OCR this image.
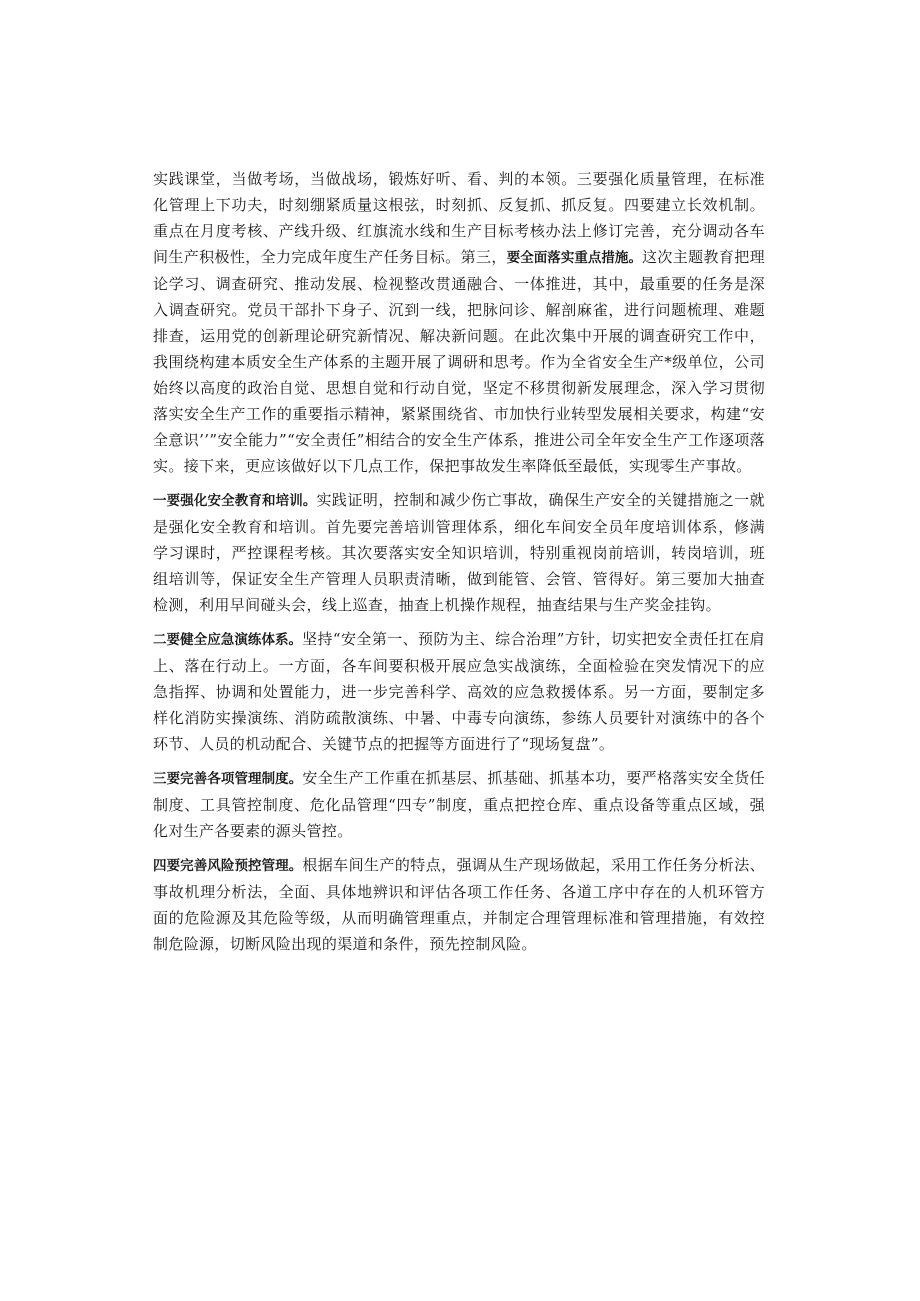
实践课堂，当做考场，当做战场，锻炼好听、看、判的本领。三要强化质量管理，在标准化管理上下功夫，时刻绷紧质量这根弦，时刻抓、反复抓、抓反复。四要建立长效机制。重点在月度考核、产线升级、红旗流水线和生产目标考核办法上修订完善，充分调动各车间生产积极性，全力完成年度生产任务目标。第三，要全面落实重点措施。这次主题教育把理论学习、调查研究、推动发展、检视整改贯通融合、一体推进，其中，最重要的任务是深入调查研究。党员干部扑下身子、沉到一线，把脉问诊、解剖麻雀，进行问题梳理、难题排查，运用党的创新理论研究新情况、解决新问题。在此次集中开展的调查研究工作中，我围绕构建本质安全生产体系的主题开展了调研和思考。作为全省安全生产*级单位，公司始终以高度的政治自觉、思想自觉和行动自觉，坚定不移贯彻新发展理念，深入学习贯彻落实安全生产工作的重要指示精神，紧紧围绕省、市加快行业转型发展相关要求，构建“安全意识’’”安全能力”“安全责任”相结合的安全生产体系，推进公司全年安全生产工作逐项落实。接下来，更应该做好以下几点工作，保把事故发生率降低至最低，实现零生产事故。

一要强化安全教育和培训。实践证明，控制和减少伤亡事故，确保生产安全的关键措施之一就是强化安全教育和培训。首先要完善培训管理体系，细化车间安全员年度培训体系，修满学习课时，严控课程考核。其次要落实安全知识培训，特别重视岗前培训，转岗培训，班组培训等，保证安全生产管理人员职责清晰，做到能管、会管、管得好。第三要加大抽查检测，利用早间碰头会，线上巡查，抽查上机操作规程，抽查结果与生产奖金挂钩。

二要健全应急演练体系。坚持“安全第一、预防为主、综合治理”方针，切实把安全责任扛在肩上、落在行动上。一方面，各车间要积极开展应急实战演练，全面检验在突发情况下的应急指挥、协调和处置能力，进一步完善科学、高效的应急救援体系。另一方面，要制定多样化消防实操演练、消防疏散演练、中暑、中毒专向演练，参练人员要针对演练中的各个环节、人员的机动配合、关键节点的把握等方面进行了“现场复盘”。

三要完善各项管理制度。安全生产工作重在抓基层、抓基础、抓基本功，要严格落实安全货任制度、工具管控制度、危化品管理“四专”制度，重点把控仓库、重点设备等重点区域，强化对生产各要素的源头管控。

四要完善风险预控管理。根据车间生产的特点，强调从生产现场做起，采用工作任务分析法、事故机理分析法，全面、具体地辨识和评估各项工作任务、各道工序中存在的人机环管方面的危险源及其危险等级，从而明确管理重点，并制定合理管理标准和管理措施，有效控制危险源，切断风险出现的渠道和条件，预先控制风险。
